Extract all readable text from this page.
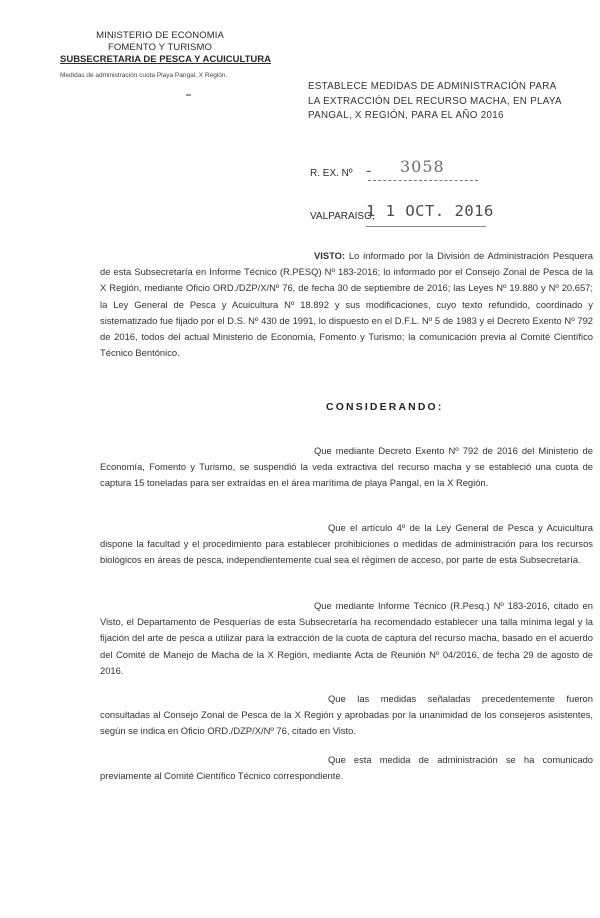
MINISTERIO DE ECONOMIA
FOMENTO Y TURISMO
SUBSECRETARIA DE PESCA Y ACUICULTURA
Medidas de administración cuota Playa Pangal, X Región.
ESTABLECE MEDIDAS DE ADMINISTRACIÓN PARA
LA EXTRACCIÓN DEL RECURSO MACHA, EN PLAYA
PANGAL, X REGIÓN, PARA EL AÑO 2016
R. EX. Nº - 3058
VALPARAISO,
1 1 OCT. 2016
VISTO: Lo informado por la División de Administración Pesquera de esta Subsecretaría en Informe Técnico (R.PESQ) Nº 183-2016; lo informado por el Consejo Zonal de Pesca de la X Región, mediante Oficio ORD./DZP/X/Nº 76, de fecha 30 de septiembre de 2016; las Leyes Nº 19.880 y Nº 20.657; la Ley General de Pesca y Acuicultura Nº 18.892 y sus modificaciones, cuyo texto refundido, coordinado y sistematizado fue fijado por el D.S. Nº 430 de 1991, lo dispuesto en el D.F.L. Nº 5 de 1983 y el Decreto Exento Nº 792 de 2016, todos del actual Ministerio de Economía, Fomento y Turismo; la comunicación previa al Comité Científico Técnico Bentónico.
CONSIDERANDO:
Que mediante Decreto Exento Nº 792 de 2016 del Ministerio de Economía, Fomento y Turismo, se suspendió la veda extractiva del recurso macha y se estableció una cuota de captura 15 toneladas para ser extraídas en el área marítima de playa Pangal, en la X Región.
Que el artículo 4º de la Ley General de Pesca y Acuicultura dispone la facultad y el procedimiento para establecer prohibiciones o medidas de administración para los recursos biológicos en áreas de pesca, independientemente cual sea el régimen de acceso, por parte de esta Subsecretaría.
Que mediante Informe Técnico (R.Pesq.) Nº 183-2016, citado en Visto, el Departamento de Pesquerías de esta Subsecretaría ha recomendado establecer una talla mínima legal y la fijación del arte de pesca a utilizar para la extracción de la cuota de captura del recurso macha, basado en el acuerdo del Comité de Manejo de Macha de la X Región, mediante Acta de Reunión Nº 04/2016, de fecha 29 de agosto de 2016.
Que las medidas señaladas precedentemente fueron consultadas al Consejo Zonal de Pesca de la X Región y aprobadas por la unanimidad de los consejeros asistentes, según se indica en Oficio ORD./DZP/X/Nº 76, citado en Visto.
Que esta medida de administración se ha comunicado previamente al Comité Científico Técnico correspondiente.
